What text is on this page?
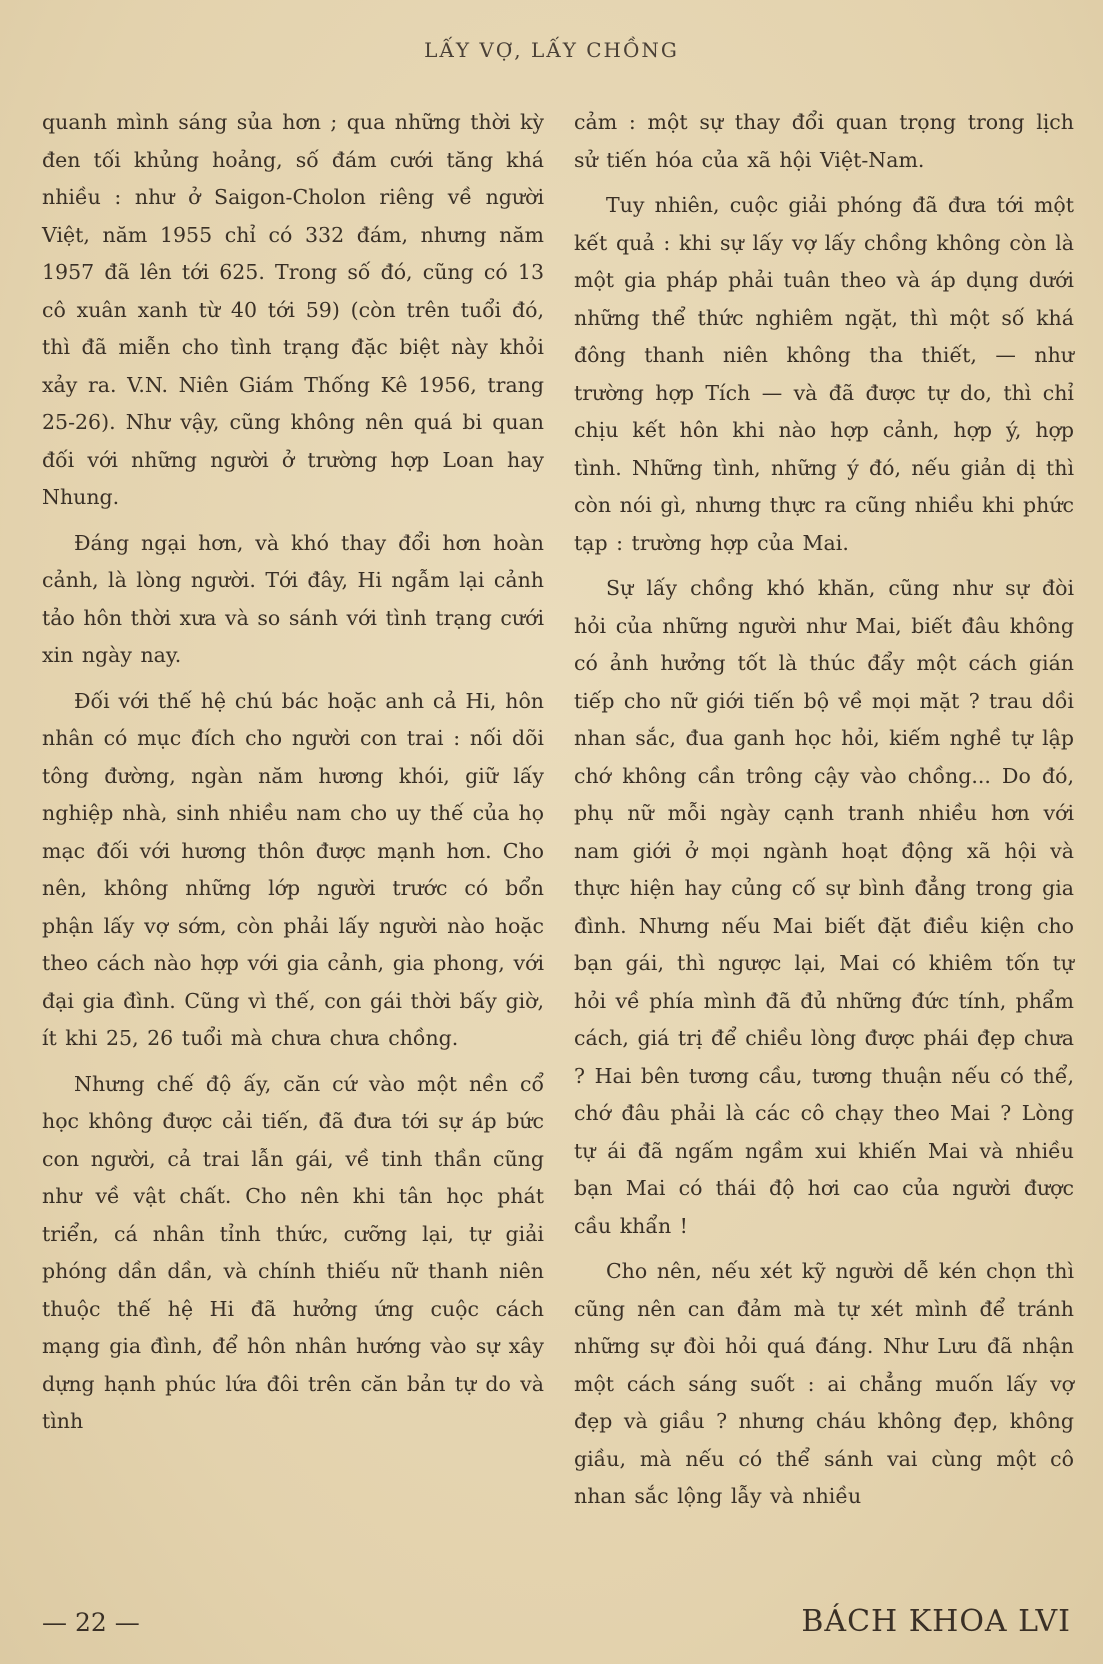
LẤY VỢ, LẤY CHỒNG

quanh mình sáng sủa hơn ; qua những thời kỳ đen tối khủng hoảng, số đám cưới tăng khá nhiều : như ở Saigon-Cholon riêng về người Việt, năm 1955 chỉ có 332 đám, nhưng năm 1957 đã lên tới 625. Trong số đó, cũng có 13 cô xuân xanh từ 40 tới 59) (còn trên tuổi đó, thì đã miễn cho tình trạng đặc biệt này khỏi xảy ra. V.N. Niên Giám Thống Kê 1956, trang 25-26). Như vậy, cũng không nên quá bi quan đối với những người ở trường hợp Loan hay Nhung.

Đáng ngại hơn, và khó thay đổi hơn hoàn cảnh, là lòng người. Tới đây, Hi ngẫm lại cảnh tảo hôn thời xưa và so sánh với tình trạng cưới xin ngày nay.

Đối với thế hệ chú bác hoặc anh cả Hi, hôn nhân có mục đích cho người con trai : nối dõi tông đường, ngàn năm hương khói, giữ lấy nghiệp nhà, sinh nhiều nam cho uy thế của họ mạc đối với hương thôn được mạnh hơn. Cho nên, không những lớp người trước có bổn phận lấy vợ sớm, còn phải lấy người nào hoặc theo cách nào hợp với gia cảnh, gia phong, với đại gia đình. Cũng vì thế, con gái thời bấy giờ, ít khi 25, 26 tuổi mà chưa chưa chồng.

Nhưng chế độ ấy, căn cứ vào một nền cổ học không được cải tiến, đã đưa tới sự áp bức con người, cả trai lẫn gái, về tinh thần cũng như về vật chất. Cho nên khi tân học phát triển, cá nhân tỉnh thức, cưỡng lại, tự giải phóng dần dần, và chính thiếu nữ thanh niên thuộc thế hệ Hi đã hưởng ứng cuộc cách mạng gia đình, để hôn nhân hướng vào sự xây dựng hạnh phúc lứa đôi trên căn bản tự do và tình

cảm : một sự thay đổi quan trọng trong lịch sử tiến hóa của xã hội Việt-Nam.

Tuy nhiên, cuộc giải phóng đã đưa tới một kết quả : khi sự lấy vợ lấy chồng không còn là một gia pháp phải tuân theo và áp dụng dưới những thể thức nghiêm ngặt, thì một số khá đông thanh niên không tha thiết, — như trường hợp Tích — và đã được tự do, thì chỉ chịu kết hôn khi nào hợp cảnh, hợp ý, hợp tình. Những tình, những ý đó, nếu giản dị thì còn nói gì, nhưng thực ra cũng nhiều khi phức tạp : trường hợp của Mai.

Sự lấy chồng khó khăn, cũng như sự đòi hỏi của những người như Mai, biết đâu không có ảnh hưởng tốt là thúc đẩy một cách gián tiếp cho nữ giới tiến bộ về mọi mặt ? trau dồi nhan sắc, đua ganh học hỏi, kiếm nghề tự lập chớ không cần trông cậy vào chồng... Do đó, phụ nữ mỗi ngày cạnh tranh nhiều hơn với nam giới ở mọi ngành hoạt động xã hội và thực hiện hay củng cố sự bình đẳng trong gia đình. Nhưng nếu Mai biết đặt điều kiện cho bạn gái, thì ngược lại, Mai có khiêm tốn tự hỏi về phía mình đã đủ những đức tính, phẩm cách, giá trị để chiều lòng được phái đẹp chưa ? Hai bên tương cầu, tương thuận nếu có thể, chớ đâu phải là các cô chạy theo Mai ? Lòng tự ái đã ngấm ngầm xui khiến Mai và nhiều bạn Mai có thái độ hơi cao của người được cầu khẩn !

Cho nên, nếu xét kỹ người dễ kén chọn thì cũng nên can đảm mà tự xét mình để tránh những sự đòi hỏi quá đáng. Như Lưu đã nhận một cách sáng suốt : ai chẳng muốn lấy vợ đẹp và giầu ? nhưng cháu không đẹp, không giầu, mà nếu có thể sánh vai cùng một cô nhan sắc lộng lẫy và nhiều

— 22 —	BÁCH KHOA LVI
